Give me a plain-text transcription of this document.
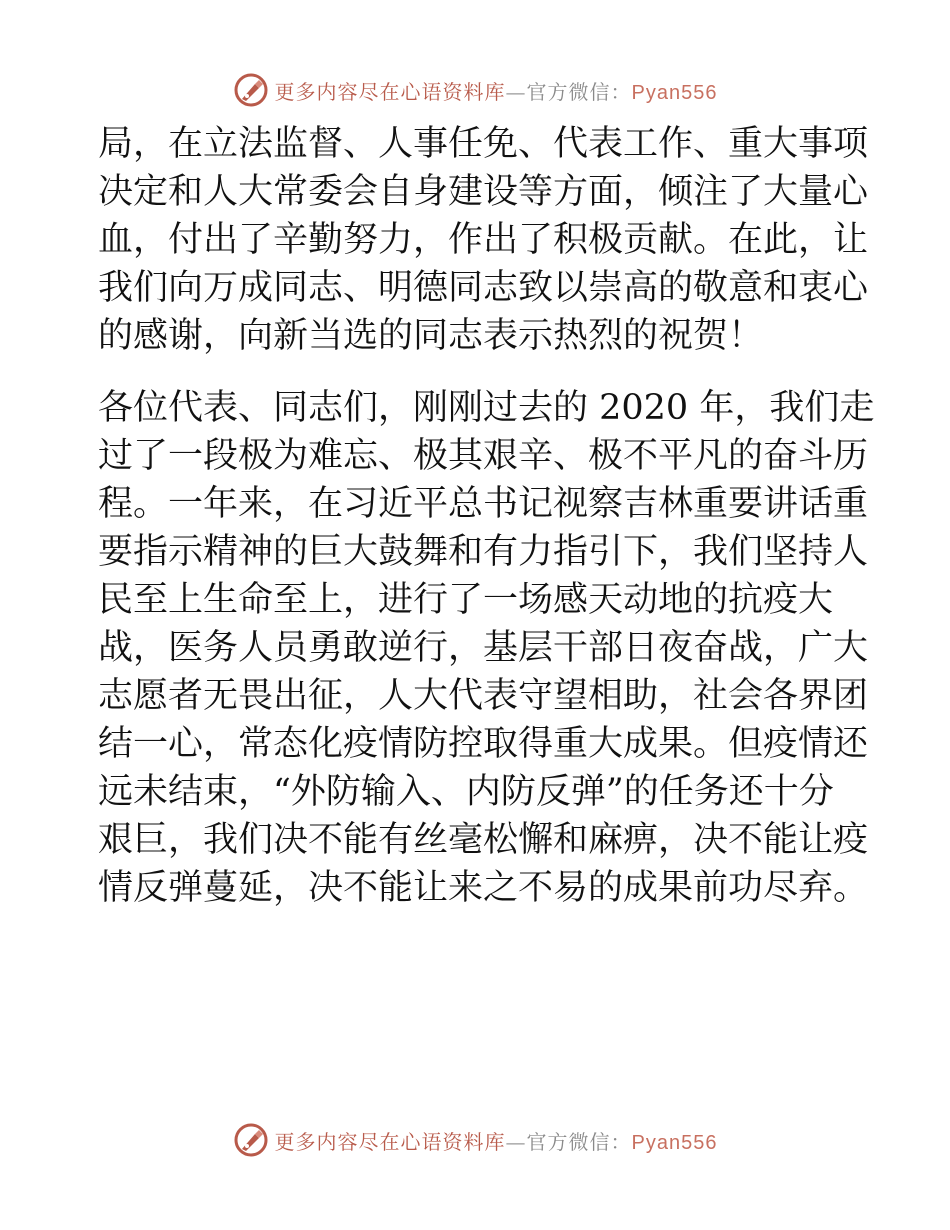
更多内容尽在心语资料库—官方微信：Pyan556
局，在立法监督、人事任免、代表工作、重大事项
决定和人大常委会自身建设等方面，倾注了大量心
血，付出了辛勤努力，作出了积极贡献。在此，让
我们向万成同志、明德同志致以崇高的敬意和衷心
的感谢，向新当选的同志表示热烈的祝贺！
各位代表、同志们，刚刚过去的 2020 年，我们走
过了一段极为难忘、极其艰辛、极不平凡的奋斗历
程。一年来，在习近平总书记视察吉林重要讲话重
要指示精神的巨大鼓舞和有力指引下，我们坚持人
民至上生命至上，进行了一场感天动地的抗疫大
战，医务人员勇敢逆行，基层干部日夜奋战，广大
志愿者无畏出征，人大代表守望相助，社会各界团
结一心，常态化疫情防控取得重大成果。但疫情还
远未结束，“外防输入、内防反弹”的任务还十分
艰巨，我们决不能有丝毫松懈和麻痹，决不能让疫
情反弹蔓延，决不能让来之不易的成果前功尽弃。
更多内容尽在心语资料库—官方微信：Pyan556
